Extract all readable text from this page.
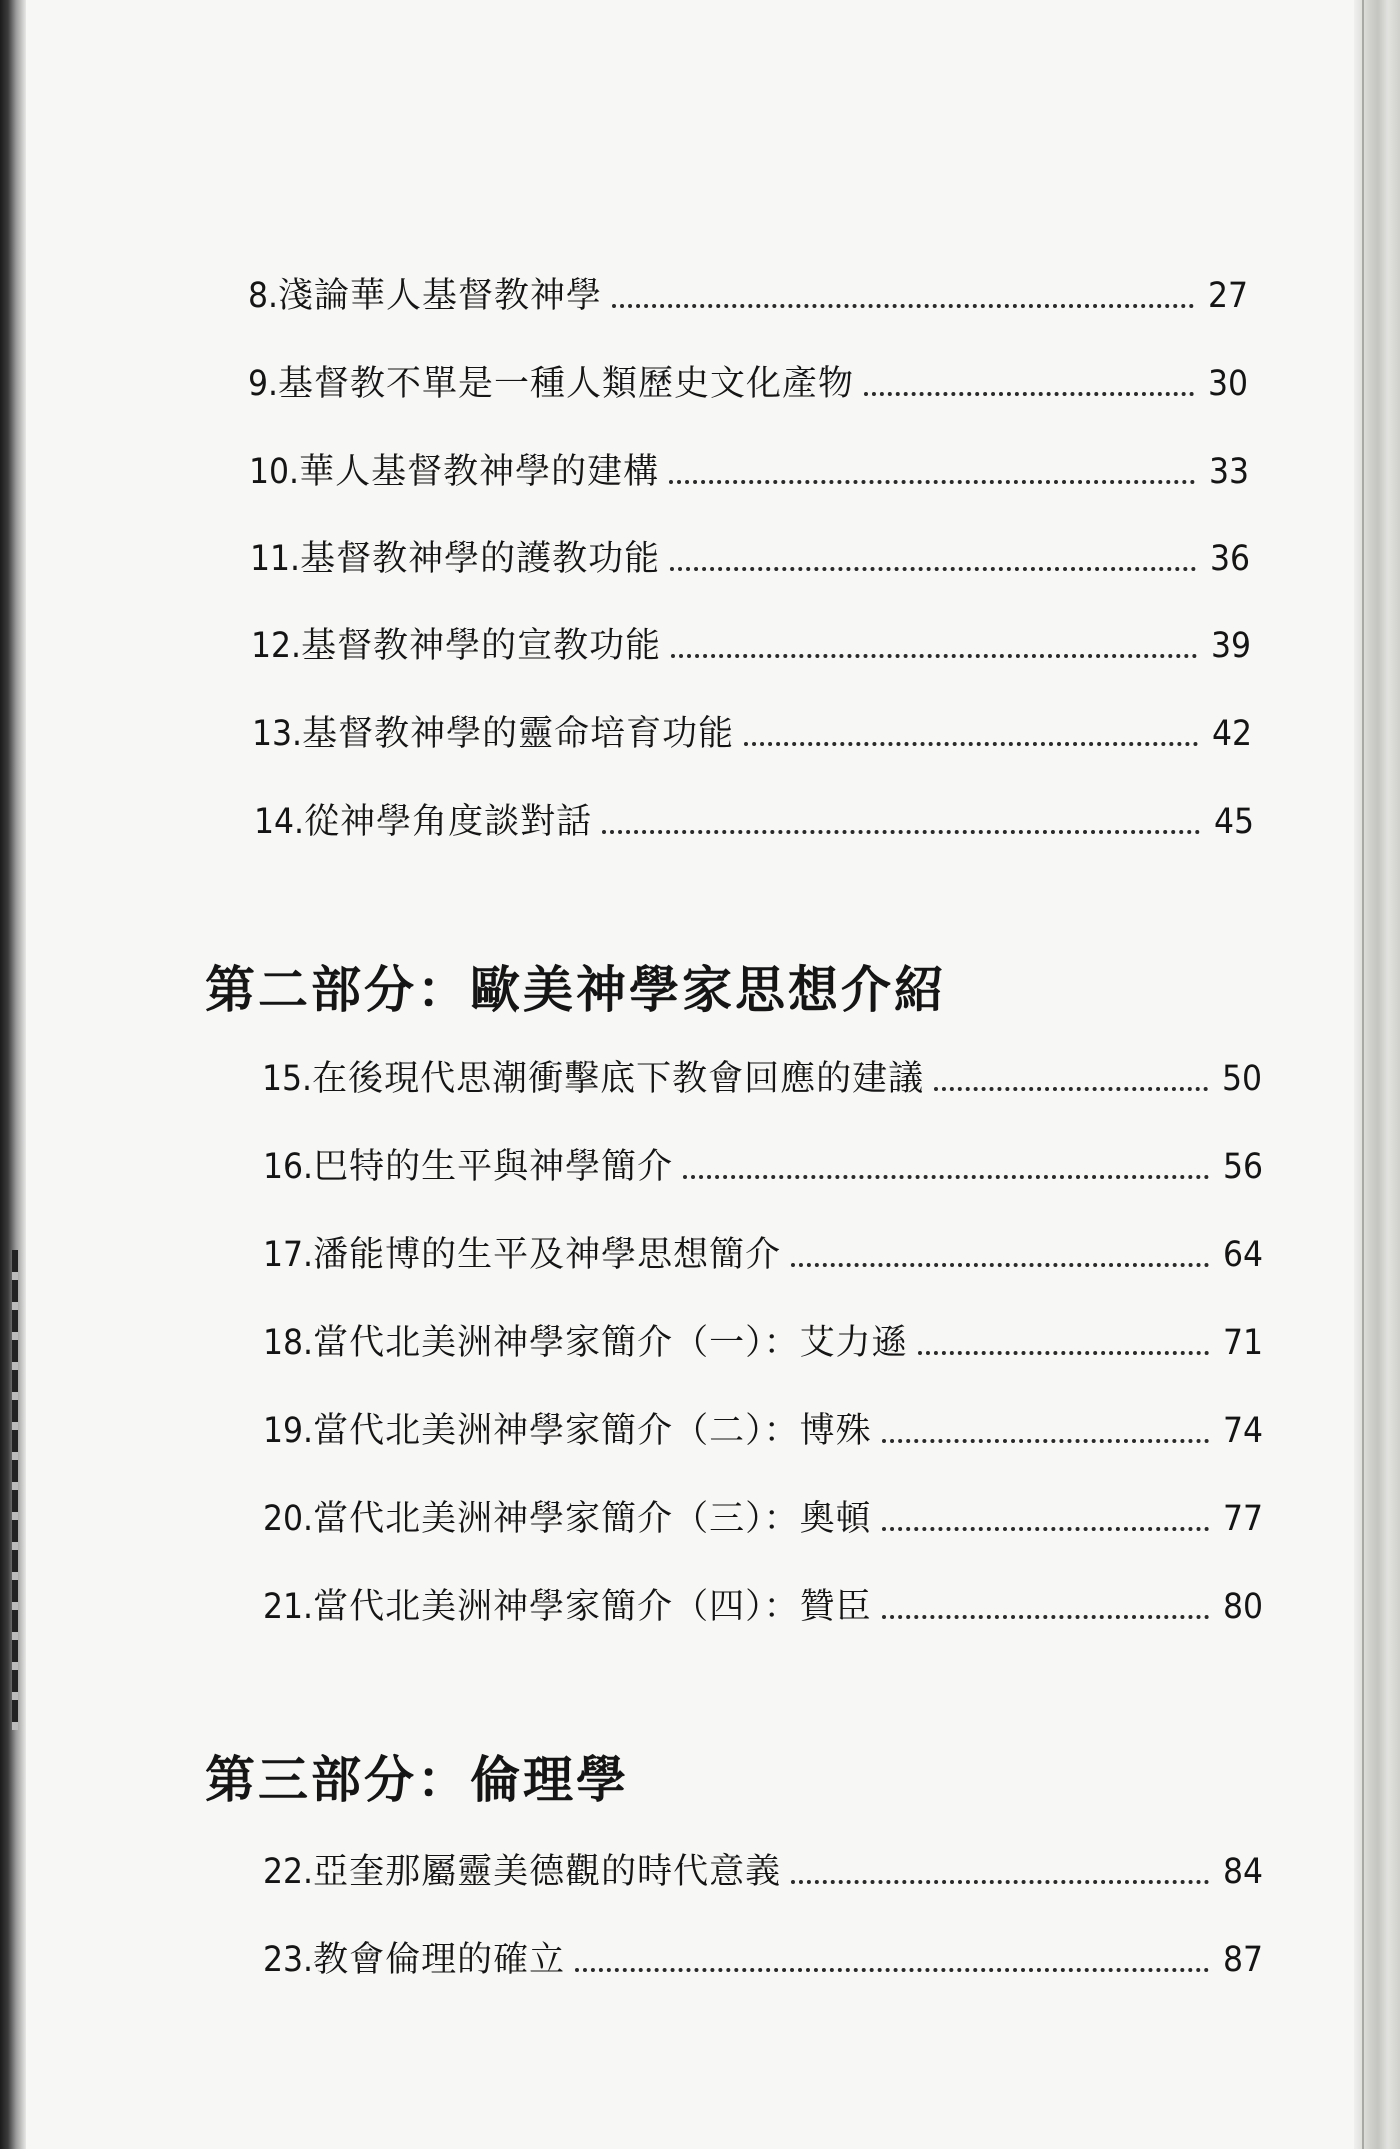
8. 淺論華人基督教神學	27
9. 基督教不單是一種人類歷史文化產物	30
10. 華人基督教神學的建構	33
11. 基督教神學的護教功能	36
12. 基督教神學的宣教功能	39
13. 基督教神學的靈命培育功能	42
14. 從神學角度談對話	45
第二部分：歐美神學家思想介紹
15. 在後現代思潮衝擊底下教會回應的建議	50
16. 巴特的生平與神學簡介	56
17. 潘能博的生平及神學思想簡介	64
18. 當代北美洲神學家簡介（一）：艾力遜	71
19. 當代北美洲神學家簡介（二）：博殊	74
20. 當代北美洲神學家簡介（三）：奧頓	77
21. 當代北美洲神學家簡介（四）：贊臣	80
第三部分：倫理學
22. 亞奎那屬靈美德觀的時代意義	84
23. 教會倫理的確立	87
